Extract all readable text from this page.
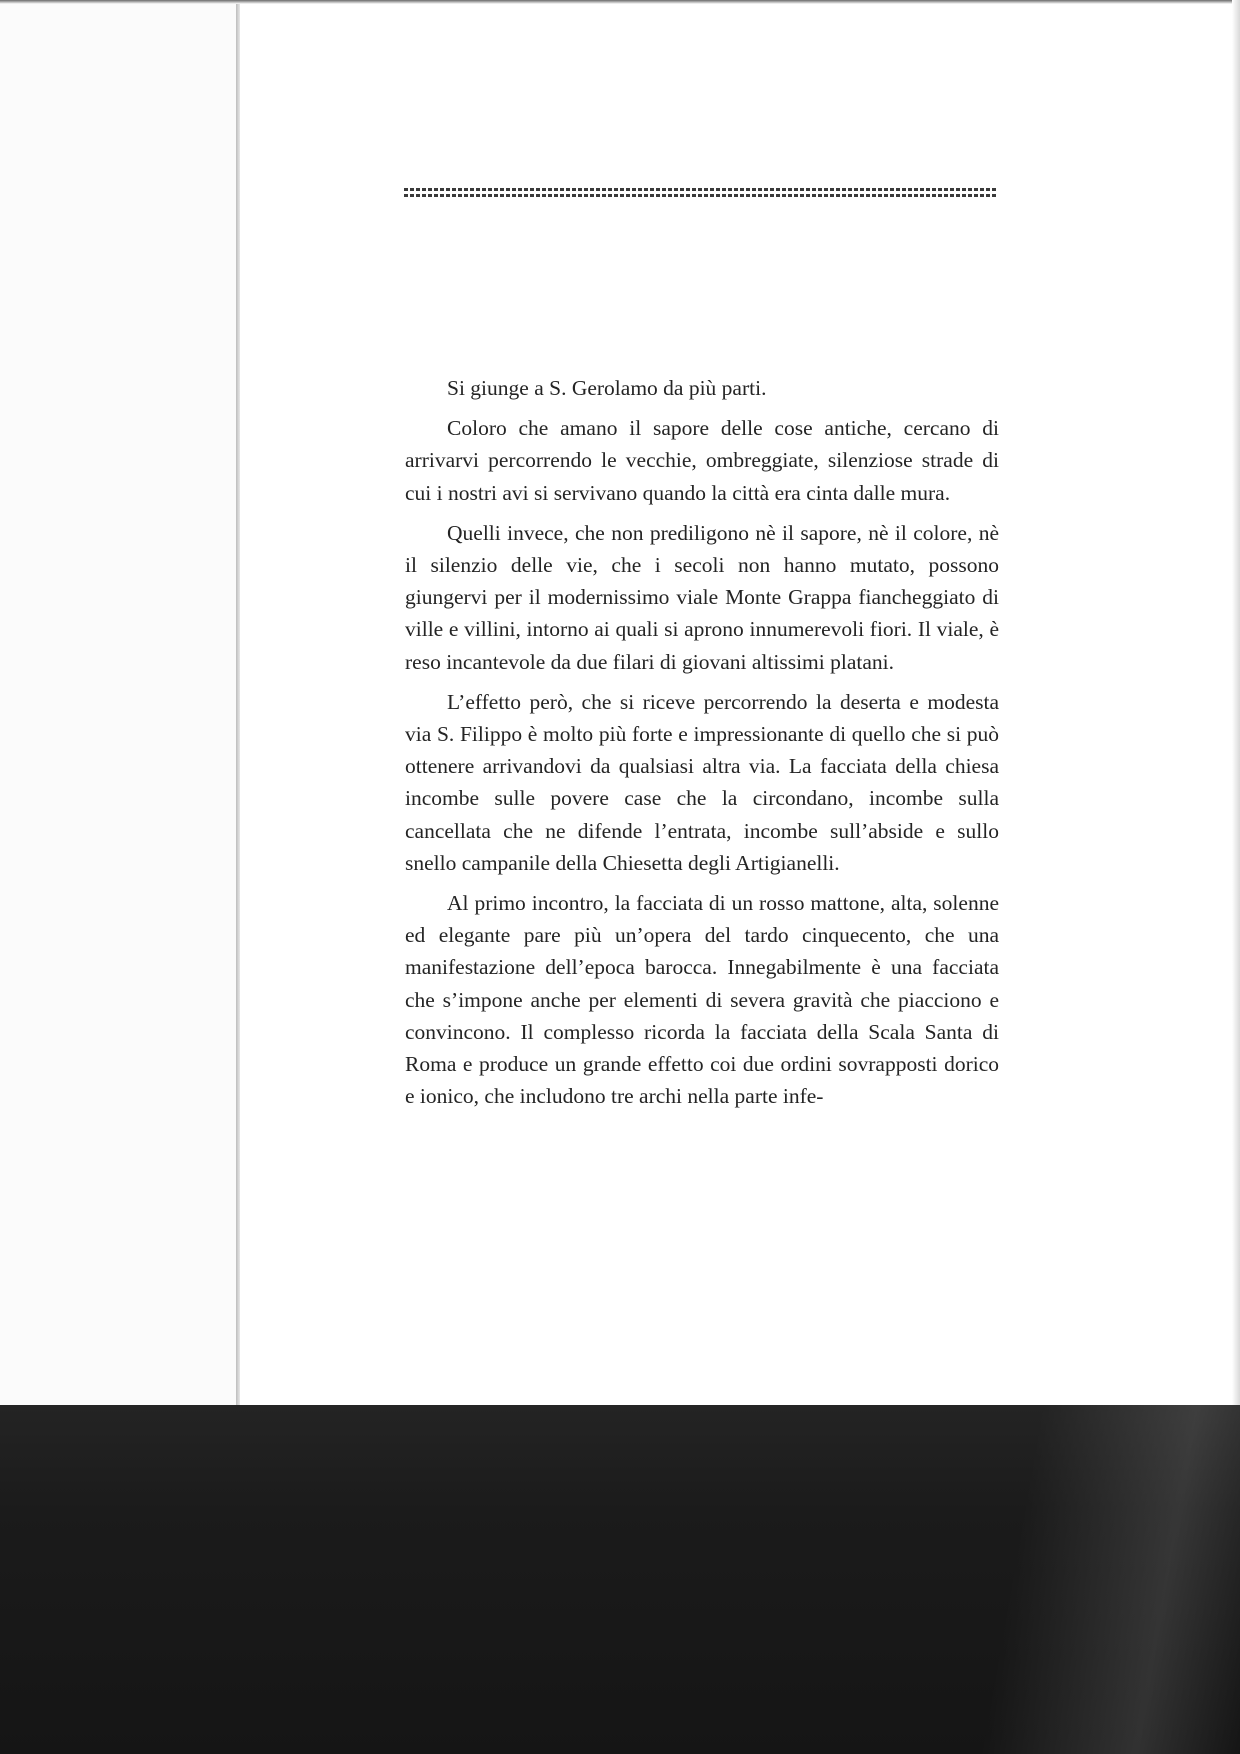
Si giunge a S. Gerolamo da più parti.

Coloro che amano il sapore delle cose antiche, cercano di arrivarvi percorrendo le vecchie, ombreggiate, silenziose strade di cui i nostri avi si servivano quando la città era cinta dalle mura.

Quelli invece, che non prediligono nè il sapore, nè il colore, nè il silenzio delle vie, che i secoli non hanno mutato, possono giungervi per il modernissimo viale Monte Grappa fiancheggiato di ville e villini, intorno ai quali si aprono innumerevoli fiori. Il viale, è reso incantevole da due filari di giovani altissimi platani.

L’effetto però, che si riceve percorrendo la deserta e modesta via S. Filippo è molto più forte e impressionante di quello che si può ottenere arrivandovi da qualsiasi altra via. La facciata della chiesa incombe sulle povere case che la circondano, incombe sulla cancellata che ne difende l’entrata, incombe sull’abside e sullo snello campanile della Chiesetta degli Artigianelli.

Al primo incontro, la facciata di un rosso mattone, alta, solenne ed elegante pare più un’opera del tardo cinquecento, che una manifestazione dell’epoca barocca. Innegabilmente è una facciata che s’impone anche per elementi di severa gravità che piacciono e convincono. Il complesso ricorda la facciata della Scala Santa di Roma e produce un grande effetto coi due ordini sovrapposti dorico e ionico, che includono tre archi nella parte infe-
